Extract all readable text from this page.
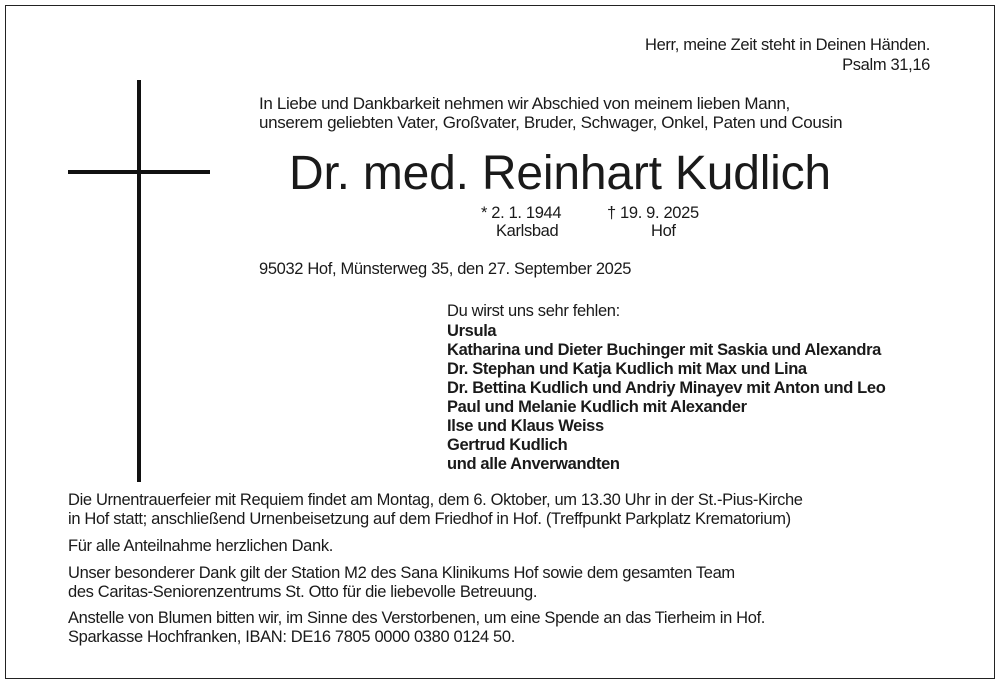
Herr, meine Zeit steht in Deinen Händen.
Psalm 31,16
In Liebe und Dankbarkeit nehmen wir Abschied von meinem lieben Mann,
unserem geliebten Vater, Großvater, Bruder, Schwager, Onkel, Paten und Cousin
Dr. med. Reinhart Kudlich
* 2. 1. 1944
Karlsbad
† 19. 9. 2025
Hof
95032 Hof, Münsterweg 35, den 27. September 2025
Du wirst uns sehr fehlen:
Ursula
Katharina und Dieter Buchinger mit Saskia und Alexandra
Dr. Stephan und Katja Kudlich mit Max und Lina
Dr. Bettina Kudlich und Andriy Minayev mit Anton und Leo
Paul und Melanie Kudlich mit Alexander
Ilse und Klaus Weiss
Gertrud Kudlich
und alle Anverwandten
Die Urnentrauerfeier mit Requiem findet am Montag, dem 6. Oktober, um 13.30 Uhr in der St.-Pius-Kirche
in Hof statt; anschließend Urnenbeisetzung auf dem Friedhof in Hof. (Treffpunkt Parkplatz Krematorium)
Für alle Anteilnahme herzlichen Dank.
Unser besonderer Dank gilt der Station M2 des Sana Klinikums Hof sowie dem gesamten Team
des Caritas-Seniorenzentrums St. Otto für die liebevolle Betreuung.
Anstelle von Blumen bitten wir, im Sinne des Verstorbenen, um eine Spende an das Tierheim in Hof.
Sparkasse Hochfranken, IBAN: DE16 7805 0000 0380 0124 50.
